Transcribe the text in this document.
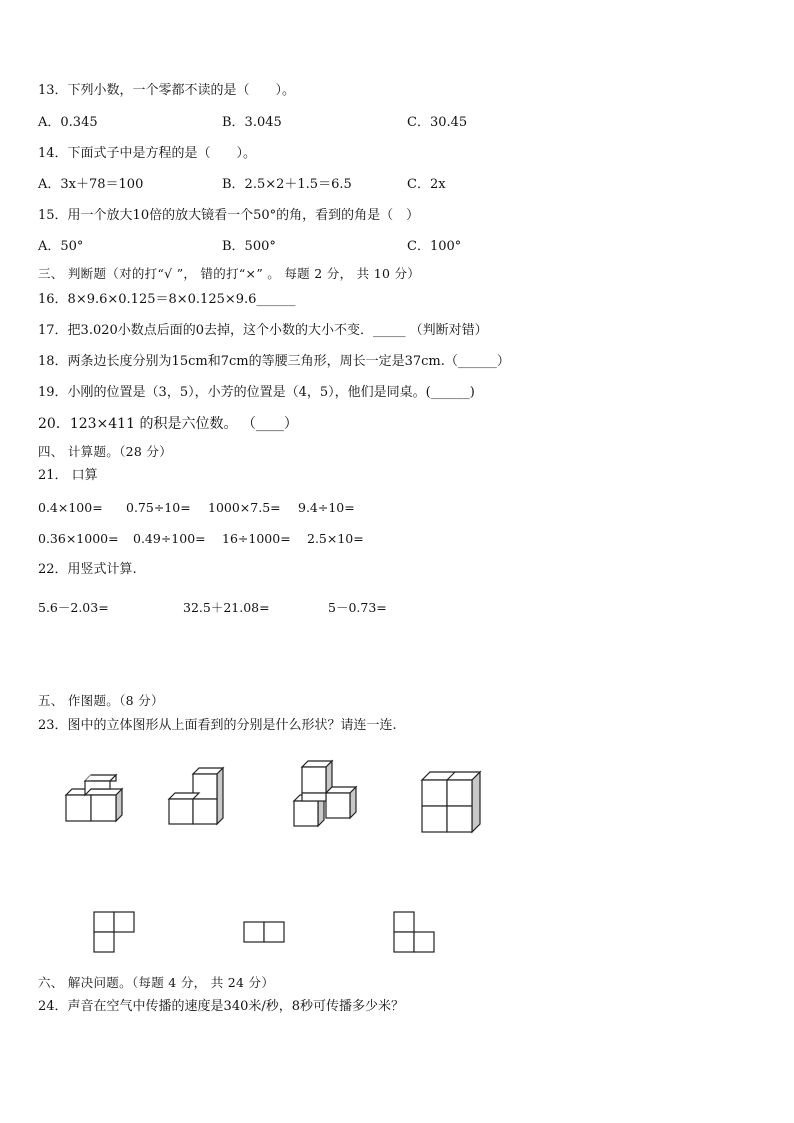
13．下列小数，一个零都不读的是（　　）。
A．0.345	B．3.045	C．30.45
14．下面式子中是方程的是（　　）。
A．3x＋78＝100	B．2.5×2＋1.5＝6.5	C．2x
15．用一个放大10倍的放大镜看一个50°的角，看到的角是（　）
A．50°	B．500°	C．100°
三、 判断题（对的打“√ ”， 错的打“×” 。 每题 2 分， 共 10 分）
16．8×9.6×0.125＝8×0.125×9.6______
17．把3.020小数点后面的0去掉，这个小数的大小不变．_____ （判断对错）
18．两条边长度分别为15cm和7cm的等腰三角形，周长一定是37cm.（______）
19．小刚的位置是（3，5），小芳的位置是（4，5），他们是同桌。(______)
20．123×411 的积是六位数。 （____）
四、 计算题。（28 分）
21． 口算
0.4×100= 0.75÷10= 1000×7.5= 9.4÷10=
0.36×1000= 0.49÷100= 16÷1000= 2.5×10=
22．用竖式计算.
5.6－2.03=	32.5＋21.08=	5－0.73=
五、 作图题。（8 分）
23．图中的立体图形从上面看到的分别是什么形状？请连一连.
六、 解决问题。（每题 4 分， 共 24 分）
24．声音在空气中传播的速度是340米/秒，8秒可传播多少米？
